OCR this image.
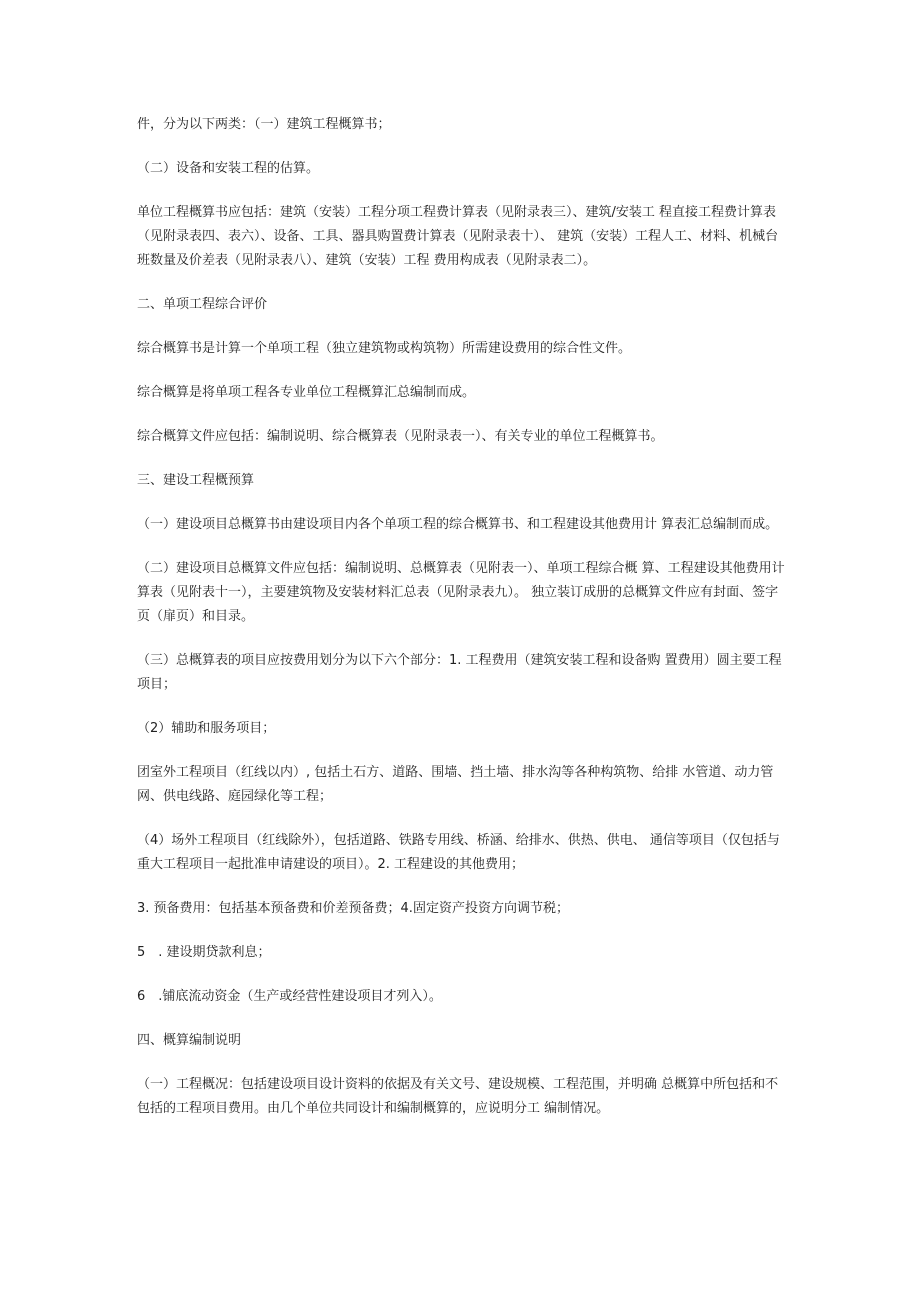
件，分为以下两类：（一）建筑工程概算书；

（二）设备和安装工程的估算。

单位工程概算书应包括：建筑（安装）工程分项工程费计算表（见附录表三）、建筑/安装工 程直接工程费计算表（见附录表四、表六）、设备、工具、器具购置费计算表（见附录表十）、 建筑（安装）工程人工、材料、机械台班数量及价差表（见附录表八）、建筑（安装）工程 费用构成表（见附录表二）。

二、单项工程综合评价

综合概算书是计算一个单项工程（独立建筑物或构筑物）所需建设费用的综合性文件。

综合概算是将单项工程各专业单位工程概算汇总编制而成。

综合概算文件应包括：编制说明、综合概算表（见附录表一）、有关专业的单位工程概算书。

三、建设工程概预算

（一）建设项目总概算书由建设项目内各个单项工程的综合概算书、和工程建设其他费用计 算表汇总编制而成。

（二）建设项目总概算文件应包括：编制说明、总概算表（见附表一）、单项工程综合概 算、工程建设其他费用计算表（见附表十一），主要建筑物及安装材料汇总表（见附录表九）。 独立装订成册的总概算文件应有封面、签字页（扉页）和目录。

（三）总概算表的项目应按费用划分为以下六个部分：1. 工程费用（建筑安装工程和设备购 置费用）圆主要工程项目；

（2）辅助和服务项目；

团室外工程项目（红线以内）, 包括土石方、道路、围墙、挡土墙、排水沟等各种构筑物、给排 水管道、动力管网、供电线路、庭园绿化等工程；

（4）场外工程项目（红线除外），包括道路、铁路专用线、桥涵、给排水、供热、供电、 通信等项目（仅包括与重大工程项目一起批准申请建设的项目）。2. 工程建设的其他费用；

3. 预备费用：包括基本预备费和价差预备费；4.固定资产投资方向调节税；

5　. 建设期贷款利息；

6　.铺底流动资金（生产或经营性建设项目才列入）。

四、概算编制说明

（一）工程概况：包括建设项目设计资料的依据及有关文号、建设规模、工程范围，并明确 总概算中所包括和不包括的工程项目费用。由几个单位共同设计和编制概算的，应说明分工 编制情况。
